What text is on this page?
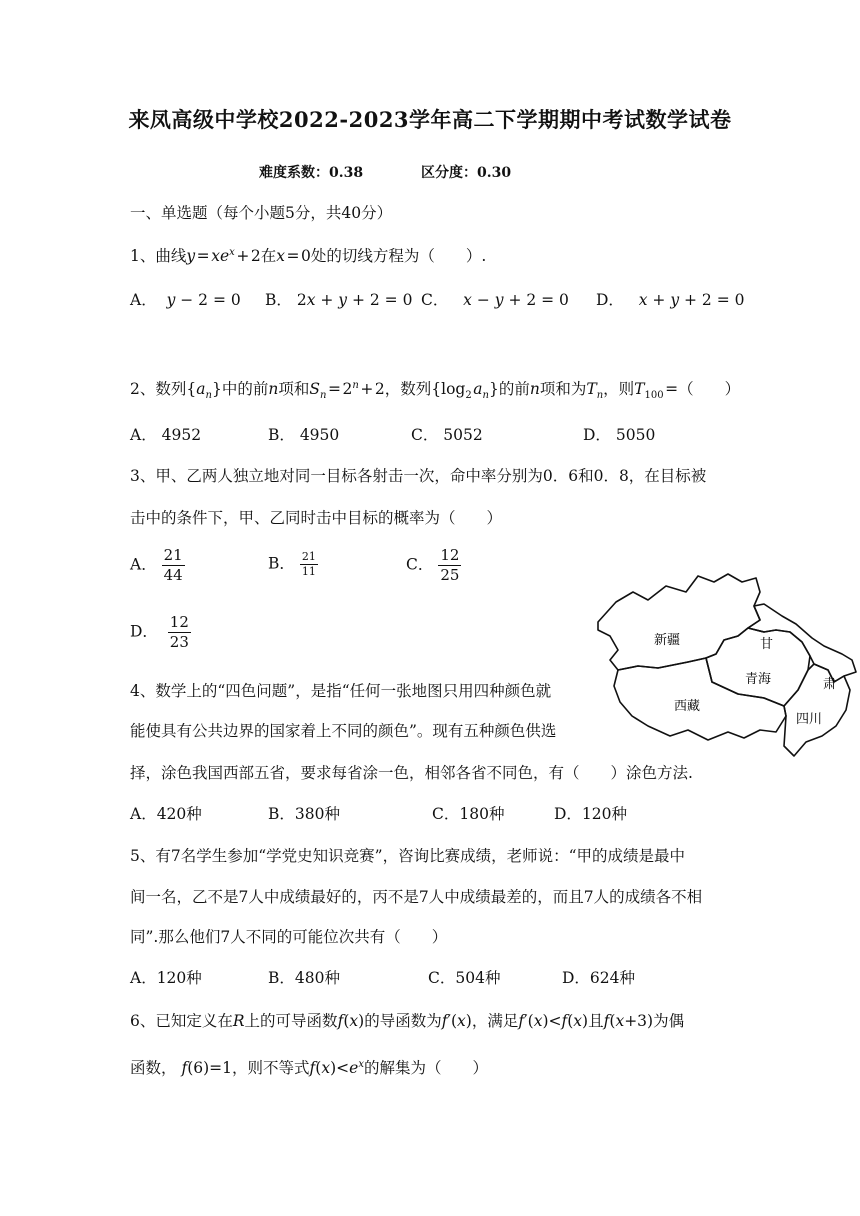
来凤高级中学校2022-2023学年高二下学期期中考试数学试卷
难度系数：0.38	区分度：0.30
一、单选题（每个小题5分，共40分）
1、曲线y = $xe^x$ + 2在x = 0处的切线方程为（　　）.
A． y − 2 = 0 B． 2x + y + 2 = 0 C． x − y + 2 = 0 D． x + y + 2 = 0
2、数列$\{a_n\}$中的前n项和$S_n$ = $2^n$ + 2，数列{$\log_2$ $a_n$}的前n项和为$T_n$，则$T_{100}$ =（　　）
A． 4952	B． 4950	C． 5052	D． 5050
3、甲、乙两人独立地对同一目标各射击一次，命中率分别为0．6和0．8，在目标被
击中的条件下，甲、乙同时击中目标的概率为（　　）
A． $\frac{21}{44}$	B． $\frac{21}{11}$	C． $\frac{12}{25}$
D． $\frac{12}{23}$
4、数学上的“四色问题”，是指“任何一张地图只用四种颜色就
能使具有公共边界的国家着上不同的颜色”。现有五种颜色供选
择，涂色我国西部五省，要求每省涂一色，相邻各省不同色，有（　　）涂色方法.
A．420种	B．380种	C．180种	D．120种
新疆	甘
青海	肃
西藏
四川
5、有7名学生参加“学党史知识竞赛”，咨询比赛成绩，老师说：“甲的成绩是最中
间一名，乙不是7人中成绩最好的，丙不是7人中成绩最差的，而且7人的成绩各不相
同”.那么他们7人不同的可能位次共有（　　）
A．120种	B．480种	C．504种	D．624种
6、已知定义在R上的可导函数f(x)的导函数为f′(x)，满足f′(x)<f(x)且f(x+3)为偶
函数， f(6)=1，则不等式$f(x)<e^x$的解集为（　　）
